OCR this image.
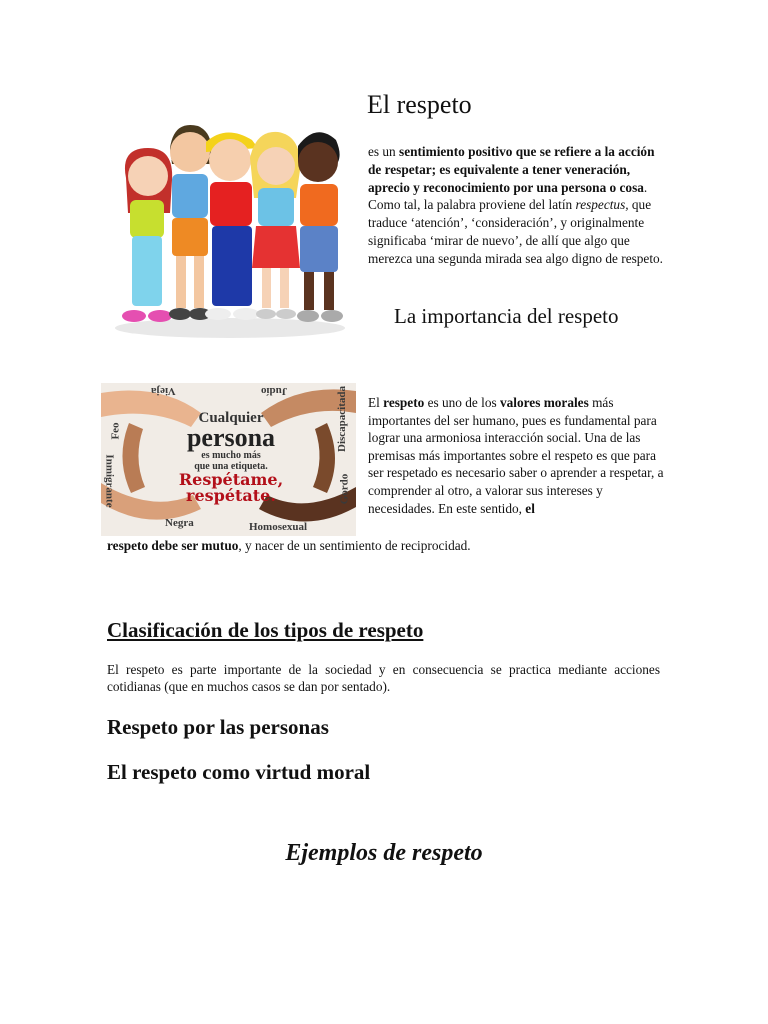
El respeto
es un sentimiento positivo que se refiere a la acción de respetar; es equivalente a tener veneración, aprecio y reconocimiento por una persona o cosa. Como tal, la palabra proviene del latín respectus, que traduce ‘atención’, ‘consideración’, y originalmente significaba ‘mirar de nuevo’, de allí que algo que merezca una segunda mirada sea algo digno de respeto.
La importancia del respeto
Vieja	Judío
Feo
Inmigrante
Discapacitada
Gordo
Negra	Homosexual
Cualquier
persona
es mucho más
que una etiqueta.
Respétame,
respétate.
El respeto es uno de los valores morales más importantes del ser humano, pues es fundamental para lograr una armoniosa interacción social. Una de las premisas más importantes sobre el respeto es que para ser respetado es necesario saber o aprender a respetar, a comprender al otro, a valorar sus intereses y necesidades. En este sentido, el
respeto debe ser mutuo, y nacer de un sentimiento de reciprocidad.
Clasificación de los tipos de respeto
El respeto es parte importante de la sociedad y en consecuencia se practica mediante acciones cotidianas (que en muchos casos se dan por sentado).
Respeto por las personas
El respeto como virtud moral
Ejemplos de respeto
